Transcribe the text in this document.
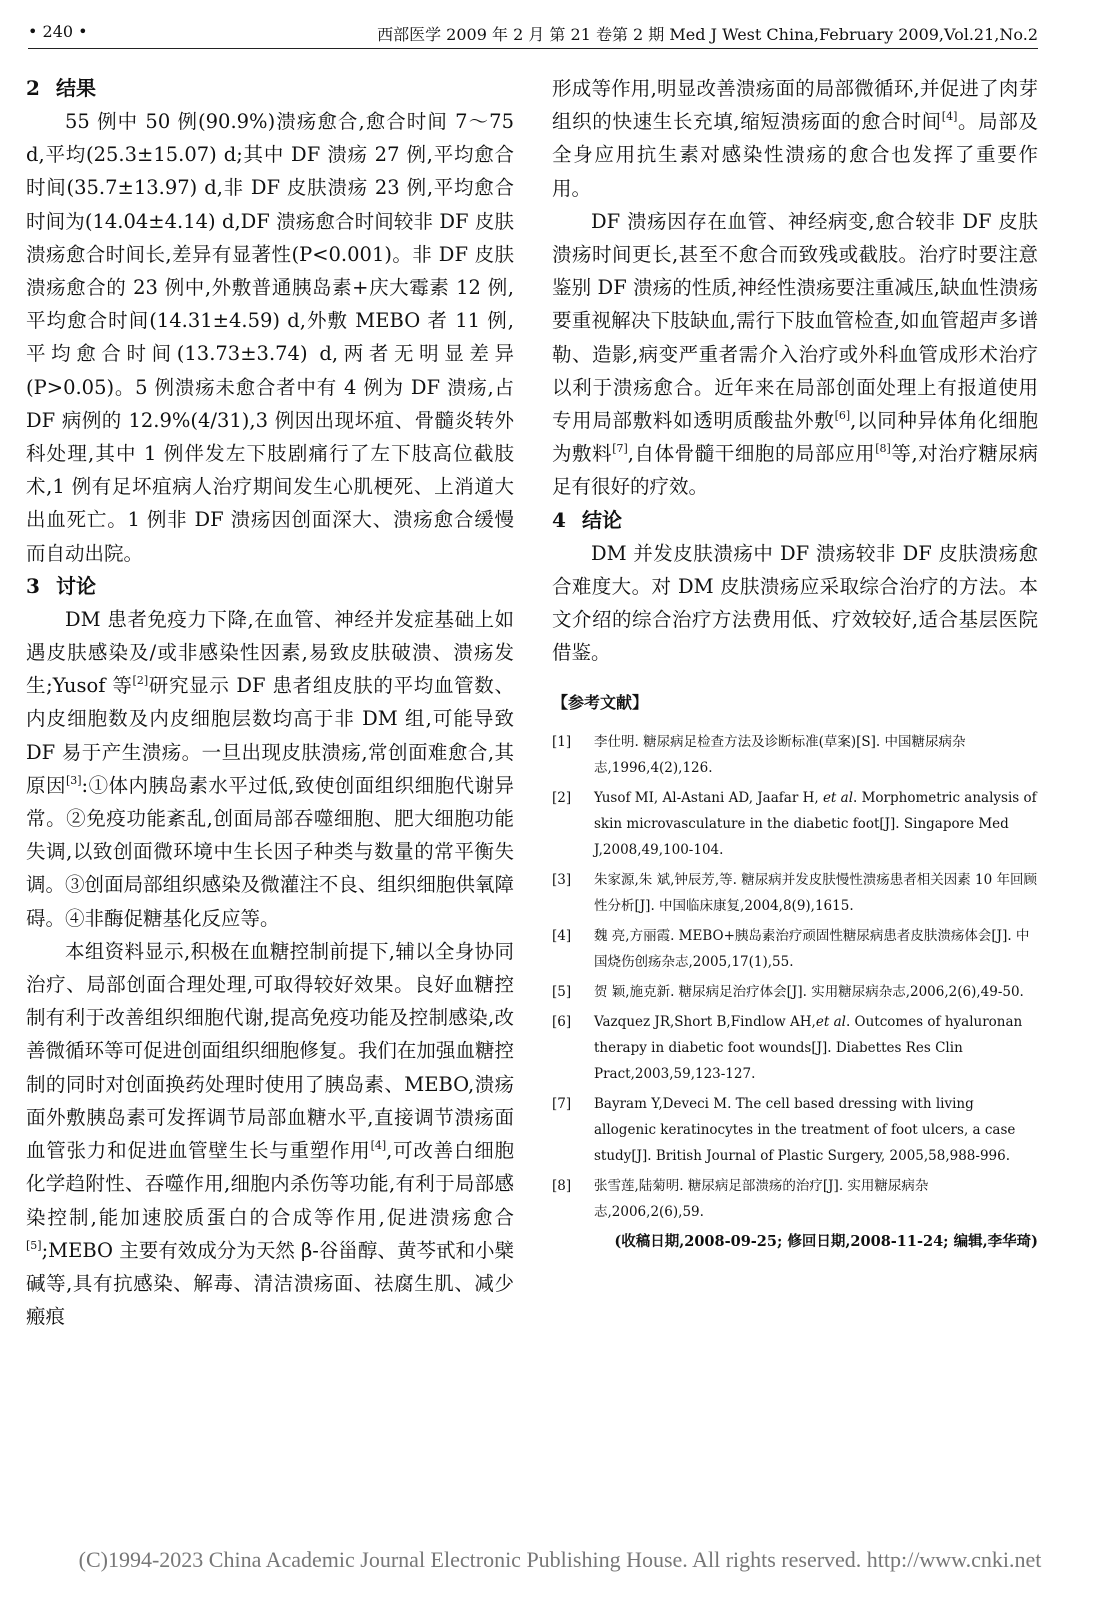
• 240 •	西部医学 2009 年 2 月 第 21 卷第 2 期 Med J West China,February 2009,Vol.21,No.2
2 结果

55 例中 50 例(90.9%)溃疡愈合,愈合时间 7～75 d,平均(25.3±15.07) d;其中 DF 溃疡 27 例,平均愈合时间(35.7±13.97) d,非 DF 皮肤溃疡 23 例,平均愈合时间为(14.04±4.14) d,DF 溃疡愈合时间较非 DF 皮肤溃疡愈合时间长,差异有显著性(P<0.001)。非 DF 皮肤溃疡愈合的 23 例中,外敷普通胰岛素+庆大霉素 12 例,平均愈合时间(14.31±4.59) d,外敷 MEBO 者 11 例,平均愈合时间(13.73±3.74) d,两者无明显差异(P>0.05)。5 例溃疡未愈合者中有 4 例为 DF 溃疡,占 DF 病例的 12.9%(4/31),3 例因出现坏疽、骨髓炎转外科处理,其中 1 例伴发左下肢剧痛行了左下肢高位截肢术,1 例有足坏疽病人治疗期间发生心肌梗死、上消道大出血死亡。1 例非 DF 溃疡因创面深大、溃疡愈合缓慢而自动出院。

3 讨论

DM 患者免疫力下降,在血管、神经并发症基础上如遇皮肤感染及/或非感染性因素,易致皮肤破溃、溃疡发生;Yusof 等[2]研究显示 DF 患者组皮肤的平均血管数、内皮细胞数及内皮细胞层数均高于非 DM 组,可能导致 DF 易于产生溃疡。一旦出现皮肤溃疡,常创面难愈合,其原因[3]:①体内胰岛素水平过低,致使创面组织细胞代谢异常。②免疫功能紊乱,创面局部吞噬细胞、肥大细胞功能失调,以致创面微环境中生长因子种类与数量的常平衡失调。③创面局部组织感染及微灌注不良、组织细胞供氧障碍。④非酶促糖基化反应等。

本组资料显示,积极在血糖控制前提下,辅以全身协同治疗、局部创面合理处理,可取得较好效果。良好血糖控制有利于改善组织细胞代谢,提高免疫功能及控制感染,改善微循环等可促进创面组织细胞修复。我们在加强血糖控制的同时对创面换药处理时使用了胰岛素、MEBO,溃疡面外敷胰岛素可发挥调节局部血糖水平,直接调节溃疡面血管张力和促进血管壁生长与重塑作用[4],可改善白细胞化学趋附性、吞噬作用,细胞内杀伤等功能,有利于局部感染控制,能加速胶质蛋白的合成等作用,促进溃疡愈合[5];MEBO 主要有效成分为天然 β-谷甾醇、黄芩甙和小檗碱等,具有抗感染、解毒、清洁溃疡面、祛腐生肌、减少瘢痕

形成等作用,明显改善溃疡面的局部微循环,并促进了肉芽组织的快速生长充填,缩短溃疡面的愈合时间[4]。局部及全身应用抗生素对感染性溃疡的愈合也发挥了重要作用。

DF 溃疡因存在血管、神经病变,愈合较非 DF 皮肤溃疡时间更长,甚至不愈合而致残或截肢。治疗时要注意鉴别 DF 溃疡的性质,神经性溃疡要注重减压,缺血性溃疡要重视解决下肢缺血,需行下肢血管检查,如血管超声多谱勒、造影,病变严重者需介入治疗或外科血管成形术治疗以利于溃疡愈合。近年来在局部创面处理上有报道使用专用局部敷料如透明质酸盐外敷[6],以同种异体角化细胞为敷料[7],自体骨髓干细胞的局部应用[8]等,对治疗糖尿病足有很好的疗效。

4 结论

DM 并发皮肤溃疡中 DF 溃疡较非 DF 皮肤溃疡愈合难度大。对 DM 皮肤溃疡应采取综合治疗的方法。本文介绍的综合治疗方法费用低、疗效较好,适合基层医院借鉴。

【参考文献】
[1] 李仕明. 糖尿病足检查方法及诊断标准(草案)[S]. 中国糖尿病杂志,1996,4(2),126.
[2] Yusof MI, Al-Astani AD, Jaafar H, et al. Morphometric analysis of skin microvasculature in the diabetic foot[J]. Singapore Med J,2008,49,100-104.
[3] 朱家源,朱 斌,钟辰芳,等. 糖尿病并发皮肤慢性溃疡患者相关因素 10 年回顾性分析[J]. 中国临床康复,2004,8(9),1615.
[4] 魏 亮,方丽霞. MEBO+胰岛素治疗顽固性糖尿病患者皮肤溃疡体会[J]. 中国烧伤创疡杂志,2005,17(1),55.
[5] 贺 颖,施克新. 糖尿病足治疗体会[J]. 实用糖尿病杂志,2006,2(6),49-50.
[6] Vazquez JR,Short B,Findlow AH,et al. Outcomes of hyaluronan therapy in diabetic foot wounds[J]. Diabettes Res Clin Pract,2003,59,123-127.
[7] Bayram Y,Deveci M. The cell based dressing with living allogenic keratinocytes in the treatment of foot ulcers, a case study[J]. British Journal of Plastic Surgery, 2005,58,988-996.
[8] 张雪莲,陆菊明. 糖尿病足部溃疡的治疗[J]. 实用糖尿病杂志,2006,2(6),59.
(收稿日期,2008-09-25; 修回日期,2008-11-24; 编辑,李华琦)
(C)1994-2023 China Academic Journal Electronic Publishing House. All rights reserved. http://www.cnki.net
